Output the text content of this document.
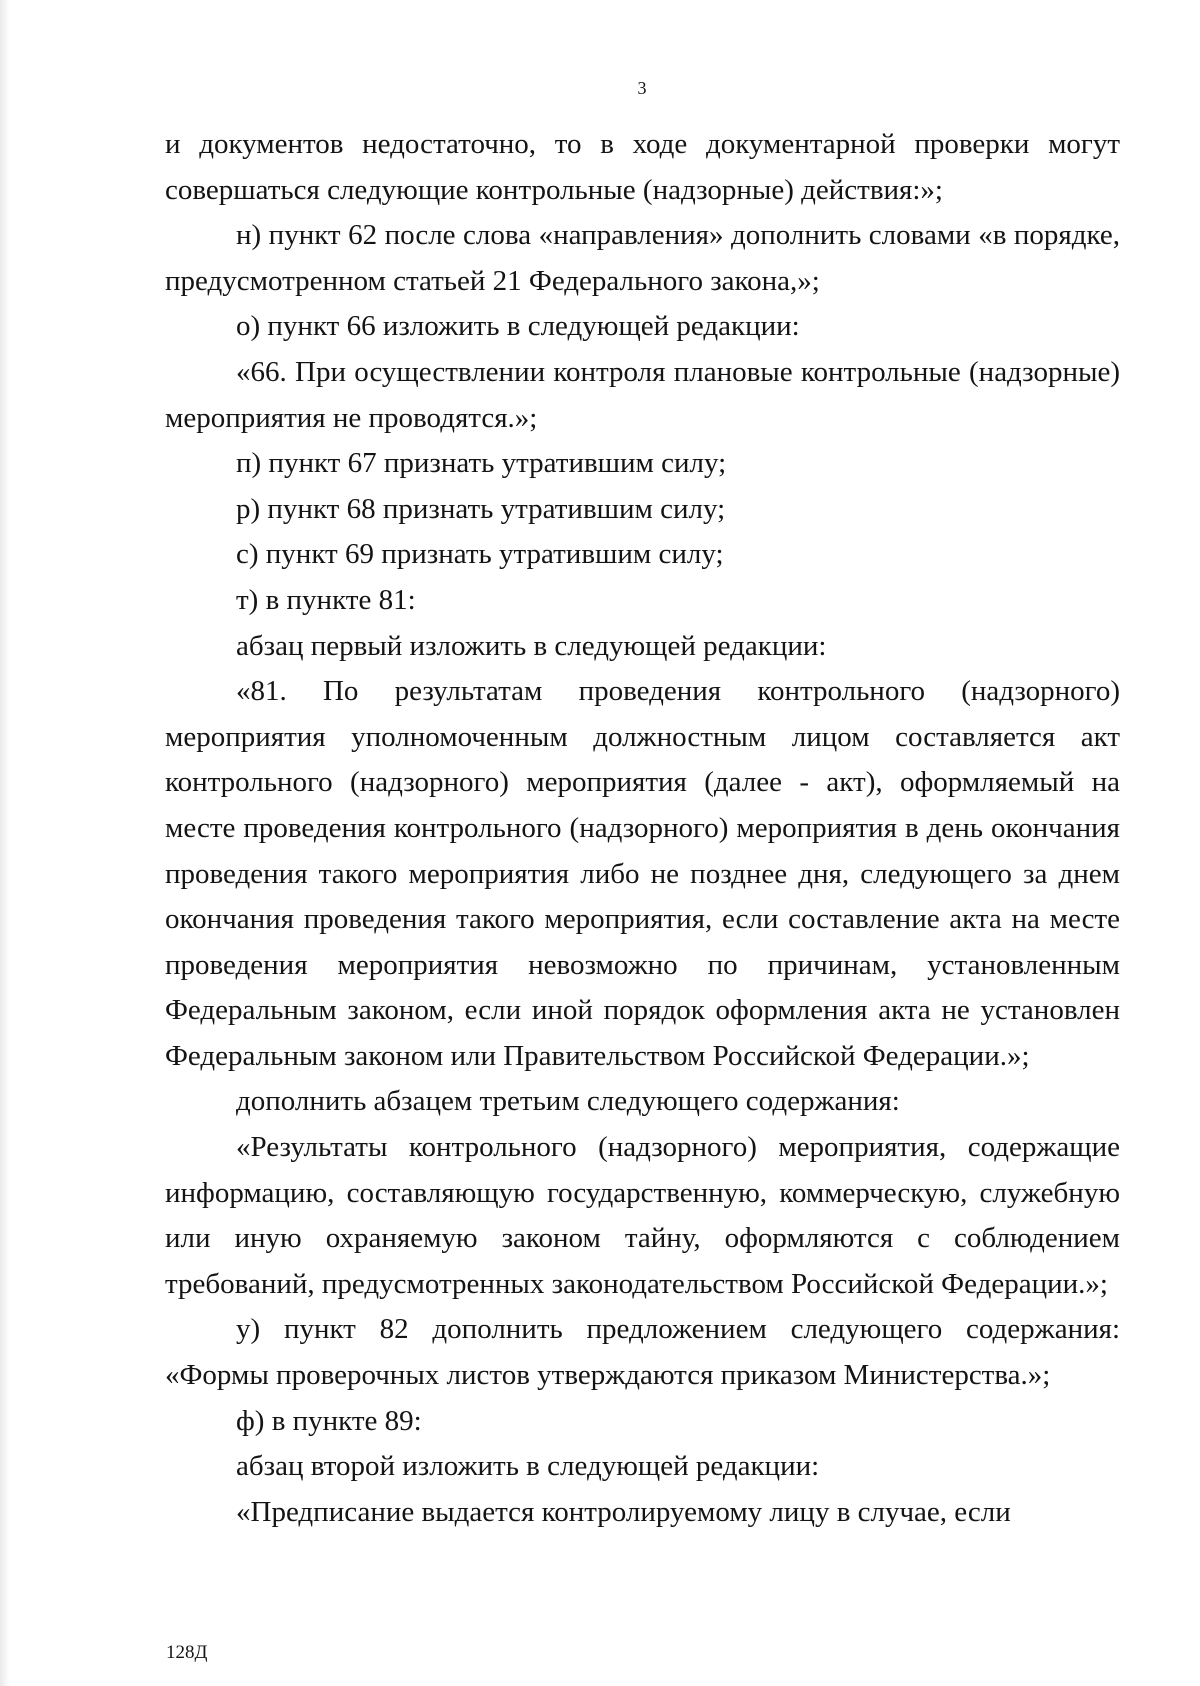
3

и документов недостаточно, то в ходе документарной проверки могут совершаться следующие контрольные (надзорные) действия:»;

н) пункт 62 после слова «направления» дополнить словами «в порядке, предусмотренном статьей 21 Федерального закона,»;

о) пункт 66 изложить в следующей редакции:

«66. При осуществлении контроля плановые контрольные (надзорные) мероприятия не проводятся.»;

п) пункт 67 признать утратившим силу;

р) пункт 68 признать утратившим силу;

с) пункт 69 признать утратившим силу;

т) в пункте 81:

абзац первый изложить в следующей редакции:

«81. По результатам проведения контрольного (надзорного) мероприятия уполномоченным должностным лицом составляется акт контрольного (надзорного) мероприятия (далее - акт), оформляемый на месте проведения контрольного (надзорного) мероприятия в день окончания проведения такого мероприятия либо не позднее дня, следующего за днем окончания проведения такого мероприятия, если составление акта на месте проведения мероприятия невозможно по причинам, установленным Федеральным законом, если иной порядок оформления акта не установлен Федеральным законом или Правительством Российской Федерации.»;

дополнить абзацем третьим следующего содержания:

«Результаты контрольного (надзорного) мероприятия, содержащие информацию, составляющую государственную, коммерческую, служебную или иную охраняемую законом тайну, оформляются с соблюдением требований, предусмотренных законодательством Российской Федерации.»;

у) пункт 82 дополнить предложением следующего содержания: «Формы проверочных листов утверждаются приказом Министерства.»;

ф) в пункте 89:

абзац второй изложить в следующей редакции:

«Предписание выдается контролируемому лицу в случае, если

128Д
